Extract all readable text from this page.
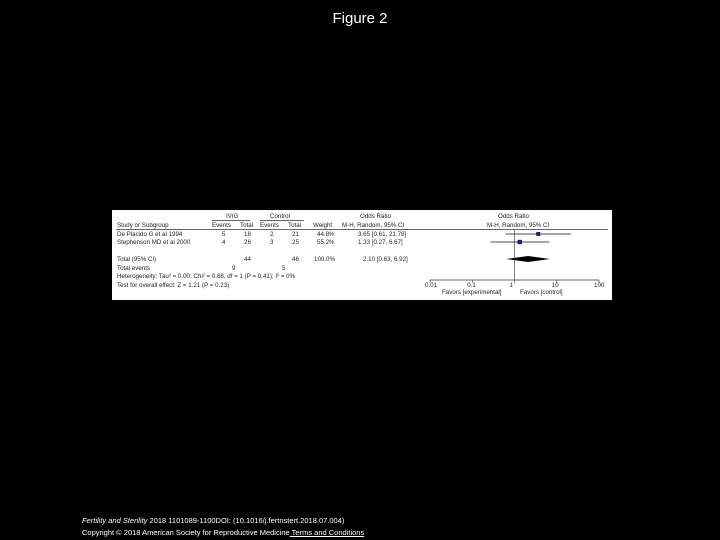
Figure 2
IVIG	Control	Odds Ratio	Odds Ratio
Study or Subgroup	Events Total Events Total Weight M-H, Random, 95% CI	M-H, Random, 95% CI
De Placido G et al 1994	5	18	2	21	44.8%	3.65 [0.61, 21.78]
Stephenson MD et al 2000	4	26	3	25	55.2%	1.33 [0.27, 6.67]
Total (95% CI)	44	46 100.0%	2.10 [0.63, 6.92]
Total events	9	5
Heterogeneity: Tau² = 0.00; Chi² = 0.68, df = 1 (P = 0.41); I² = 0%
Test for overall effect: Z = 1.21 (P = 0.23)	0.01	0.1	1	10	100
Favors [experimental]	Favors [control]
Fertility and Sterility 2018 1101089-1100DOI: (10.1016/j.fertnstert.2018.07.004)
Copyright © 2018 American Society for Reproductive Medicine Terms and Conditions
